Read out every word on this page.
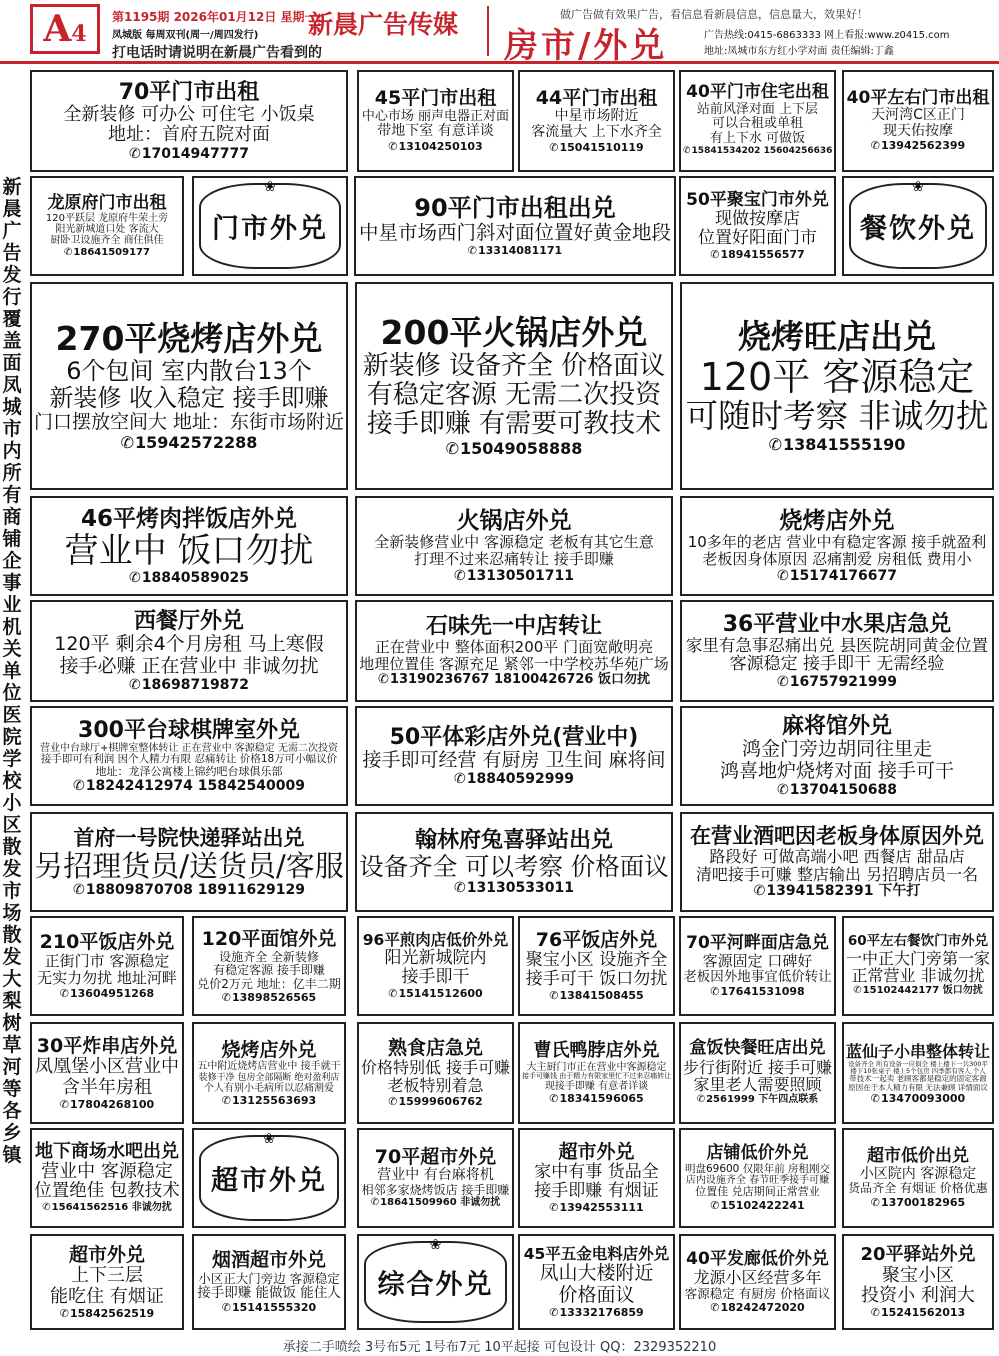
A4
第1195期 2026年01月12日 星期一
凤城版 每周双刊(周一/周四发行) 新晨广告传媒
打电话时请说明在新晨广告看到的	房市/外兑
做广告做有效果广告，看信息看新晨信息，信息量大，效果好！
广告热线:0415-6863333 网上看报:www.z0415.com
地址:凤城市东方红小学对面 责任编辑:丁鑫
新晨广告发行覆盖面凤城市内所有商铺企事业机关单位医院学校小区散发市场散发大梨树草河等各乡镇
70平门市出租
全新装修 可办公 可住宅 小饭桌
地址：首府五院对面
✆ 17014947777
45平门市出租
中心市场 丽声电器正对面
带地下室 有意详谈
✆ 13104250103
44平门市出租
中星市场附近
客流量大 上下水齐全
✆ 15041510119
40平门市住宅出租
站前风泽对面 上下层
可以合租或单租
有上下水 可做饭
✆ 15841534202 15604256636
40平左右门市出租
天河湾C区正门
现天佑按摩
✆ 13942562399
龙原府门市出租
120平跃层 龙原府牛荣土旁
阳光新城道口处 客流大
厨卧卫设施齐全 商住俱佳
✆ 18641509177
90平门市出租出兑
中星市场西门斜对面位置好黄金地段
✆ 13314081171
50平聚宝门市外兑
现做按摩店
位置好阳面门市
✆ 18941556577
270平烧烤店外兑
6个包间 室内散台13个
新装修 收入稳定 接手即赚
门口摆放空间大 地址：东街市场附近
✆ 15942572288
200平火锅店外兑
新装修 设备齐全 价格面议
有稳定客源 无需二次投资
接手即赚 有需要可教技术
✆ 15049058888
烧烤旺店出兑
120平 客源稳定
可随时考察 非诚勿扰
✆ 13841555190
46平烤肉拌饭店外兑
营业中 饭口勿扰
✆ 18840589025
火锅店外兑
全新装修营业中 客源稳定 老板有其它生意
打理不过来忍痛转让 接手即赚
✆ 13130501711
烧烤店外兑
10多年的老店 营业中有稳定客源 接手就盈利
老板因身体原因 忍痛割爱 房租低 费用小
✆ 15174176677
西餐厅外兑
120平 剩余4个月房租 马上寒假
接手必赚 正在营业中 非诚勿扰
✆ 18698719872
石味先一中店转让
正在营业中 整体面积200平 门面宽敞明亮
地理位置佳 客源充足 紧邻一中学校苏华苑广场
✆ 13190236767 18100426726 饭口勿扰
36平营业中水果店急兑
家里有急事忍痛出兑 县医院胡同黄金位置
客源稳定 接手即干 无需经验
✆ 16757921999
300平台球棋牌室外兑
营业中台球厅+棋牌室整体转让 正在营业中 客源稳定 无需二次投资
接手即可有利润 因个人精力有限 忍痛转让 价格18万可小幅议价
地址：龙泽公寓楼上锦约吧台球俱乐部
✆ 18242412974 15842540009
50平体彩店外兑(营业中)
接手即可经营 有厨房 卫生间 麻将间
✆ 18840592999
麻将馆外兑
鸿金门旁边胡同往里走
鸿喜地炉烧烤对面 接手可干
✆ 13704150688
首府一号院快递驿站出兑
另招理货员/送货员/客服
✆ 18809870708 18911629129
翰林府兔喜驿站出兑
设备齐全 可以考察 价格面议
✆ 13130533011
在营业酒吧因老板身体原因外兑
路段好 可做高端小吧 西餐店 甜品店
清吧接手可赚 整店输出 另招聘店员一名
✆ 13941582391 下午打
210平饭店外兑
正街门市 客源稳定
无实力勿扰 地址河畔
✆ 13604951268
120平面馆外兑
设施齐全 全新装修
有稳定客源 接手即赚
兑价2万元 地址：亿丰二期
✆ 13898526565
96平煎肉店低价外兑
阳光新城院内
接手即干
✆ 15141512600
76平饭店外兑
聚宝小区 设施齐全
接手可干 饭口勿扰
✆ 13841508455
70平河畔面店急兑
客源固定 口碑好
老板因外地事宜低价转让
✆ 17641531098
60平左右餐饮门市外兑
一中正大门旁第一家
正常营业 非诚勿扰
✆ 15102442177 饭口勿扰
30平炸串店外兑
凤凰堡小区营业中
含半年房租
✆ 17804268100
烧烤店外兑
五中附近烧烤店营业中 接手就干
装修干净 包房全部隔断 绝对盈利店
个人有别小毛病所以忍痛割爱
✆ 13125563693
熟食店急兑
价格特别低 接手可赚
老板特别着急
✆ 15999606762
曹氏鸭脖店外兑
大主厨门市正在营业中客源稳定
接手可赚钱 由于精力有限家里忙不过来忍痛转让
现接手即赚 有意者详谈
✆ 18341596065
盒饭快餐旺店出兑
步行街附近 接手可赚
家里老人需要照顾
✆ 2561999 下午四点联系
蓝仙子小串整体转让
设备齐全 所有设备一应俱全 楼上楼下一共300平
楼下10张桌子 楼上5个包房 四季都有客人 个人
带技术一起卖 老顾客都是稳定的固定客源
原因在于本人精力有限 无法兼顾 详情面议
✆ 13470093000
地下商场水吧出兑
营业中 客源稳定
位置绝佳 包教技术
✆ 15641562516 非诚勿扰
70平超市外兑
营业中 有台麻将机
相邻多家烧烤饭店 接手即赚
✆ 18641509960 非诚勿扰
超市外兑
家中有事 货品全
接手即赚 有烟证
✆ 13942553111
店铺低价外兑
明盘69600 仅限年前 房租刚交
店内设施齐全 春节旺季接手可赚
位置佳 兑店期间正常营业
✆ 15102422241
超市低价出兑
小区院内 客源稳定
货品齐全 有烟证 价格优惠
✆ 13700182965
超市外兑
上下三层
能吃住 有烟证
✆ 15842562519
烟酒超市外兑
小区正大门旁边 客源稳定
接手即赚 能做饭 能住人
✆ 15141555320
45平五金电料店外兑
凤山大楼附近
价格面议
✆ 13332176859
40平发廊低价外兑
龙源小区经营多年
客源稳定 有厨房 价格面议
✆ 18242472020
20平驿站外兑
聚宝小区
投资小 利润大
✆ 15241562013
❀
门市外兑
❀
餐饮外兑
❀
超市外兑
❀
综合外兑
承接二手喷绘 3号布5元 1号布7元 10平起接 可包设计 QQ：2329352210
